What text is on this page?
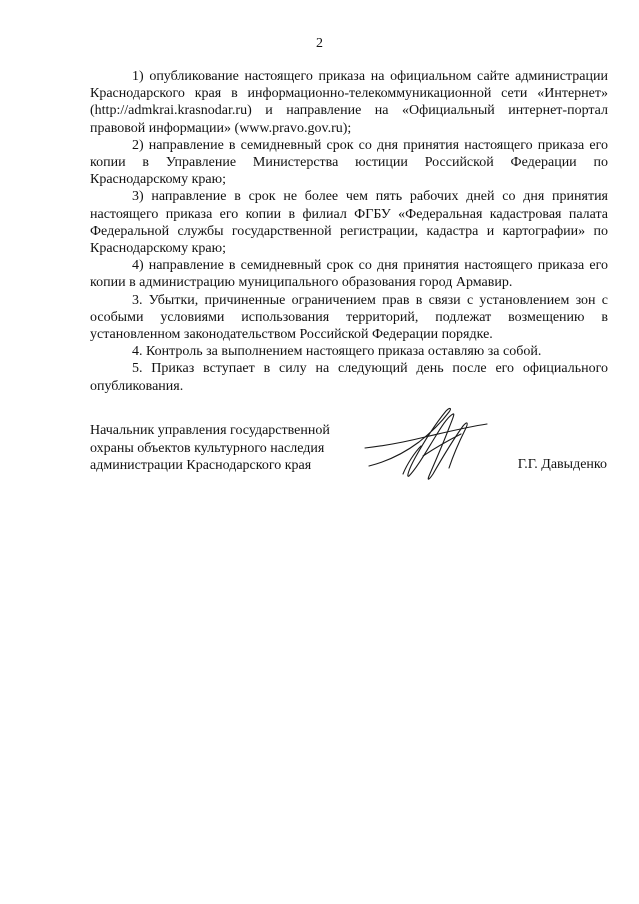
2

1) опубликование настоящего приказа на официальном сайте администрации Краснодарского края в информационно-телекоммуникационной сети «Интернет» (http://admkrai.krasnodar.ru) и направление на «Официальный интернет-портал правовой информации» (www.pravo.gov.ru);

2) направление в семидневный срок со дня принятия настоящего приказа его копии в Управление Министерства юстиции Российской Федерации по Краснодарскому краю;

3) направление в срок не более чем пять рабочих дней со дня принятия настоящего приказа его копии в филиал ФГБУ «Федеральная кадастровая палата Федеральной службы государственной регистрации, кадастра и картографии» по Краснодарскому краю;

4) направление в семидневный срок со дня принятия настоящего приказа его копии в администрацию муниципального образования город Армавир.

3. Убытки, причиненные ограничением прав в связи с установлением зон с особыми условиями использования территорий, подлежат возмещению в установленном законодательством Российской Федерации порядке.

4. Контроль за выполнением настоящего приказа оставляю за собой.

5. Приказ вступает в силу на следующий день после его официального опубликования.

Начальник управления государственной
охраны объектов культурного наследия
администрации Краснодарского края	Г.Г. Давыденко
